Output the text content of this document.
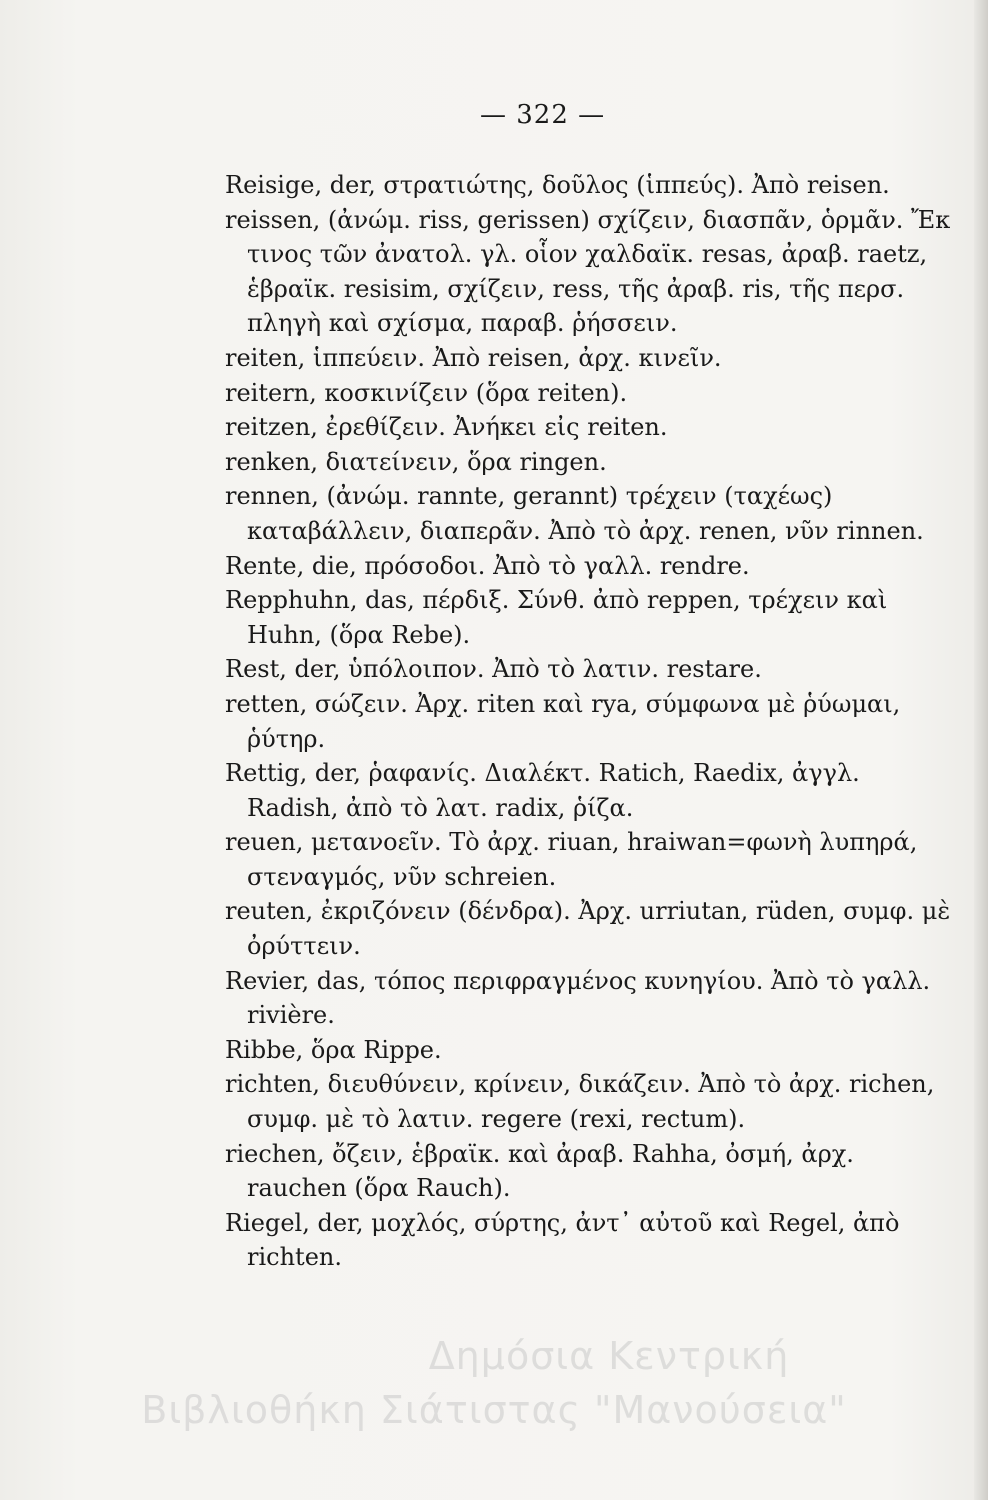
— 322 —
Reisige, der, στρατιώτης, δοῦλος (ἱππεύς). Ἀπὸ reisen.
reissen, (ἀνώμ. riss, gerissen) σχίζειν, διασπᾶν, ὁρμᾶν. Ἔκ τινος τῶν ἀνατολ. γλ. οἷον χαλδαϊκ. resas, ἀραβ. raetz, ἑβραϊκ. resisim, σχίζειν, ress, τῆς ἀραβ. ris, τῆς περσ. πληγὴ καὶ σχίσμα, παραβ. ῥήσσειν.
reiten, ἱππεύειν. Ἀπὸ reisen, ἀρχ. κινεῖν.
reitern, κοσκινίζειν (ὅρα reiten).
reitzen, ἐρεθίζειν. Ἀνήκει εἰς reiten.
renken, διατείνειν, ὅρα ringen.
rennen, (ἀνώμ. rannte, gerannt) τρέχειν (ταχέως) καταβάλλειν, διαπερᾶν. Ἀπὸ τὸ ἀρχ. renen, νῦν rinnen.
Rente, die, πρόσοδοι. Ἀπὸ τὸ γαλλ. rendre.
Repphuhn, das, πέρδιξ. Σύνθ. ἀπὸ reppen, τρέχειν καὶ Huhn, (ὅρα Rebe).
Rest, der, ὑπόλοιπον. Ἀπὸ τὸ λατιν. restare.
retten, σώζειν. Ἀρχ. riten καὶ rya, σύμφωνα μὲ ῥύωμαι, ῥύτηρ.
Rettig, der, ῥαφανίς. Διαλέκτ. Ratich, Raedix, ἀγγλ. Radish, ἀπὸ τὸ λατ. radix, ῥίζα.
reuen, μετανοεῖν. Τὸ ἀρχ. riuan, hraiwan=φωνὴ λυπηρά, στεναγμός, νῦν schreien.
reuten, ἐκριζόνειν (δένδρα). Ἀρχ. urriutan, rüden, συμφ. μὲ ὀρύττειν.
Revier, das, τόπος περιφραγμένος κυνηγίου. Ἀπὸ τὸ γαλλ. rivière.
Ribbe, ὅρα Rippe.
richten, διευθύνειν, κρίνειν, δικάζειν. Ἀπὸ τὸ ἀρχ. richen, συμφ. μὲ τὸ λατιν. regere (rexi, rectum).
riechen, ὄζειν, ἑβραϊκ. καὶ ἀραβ. Rahha, ὀσμή, ἀρχ. rauchen (ὅρα Rauch).
Riegel, der, μοχλός, σύρτης, ἀντ᾽ αὐτοῦ καὶ Regel, ἀπὸ richten.
Δημόσια Κεντρική
Βιβλιοθήκη Σιάτιστας "Μανούσεια"
